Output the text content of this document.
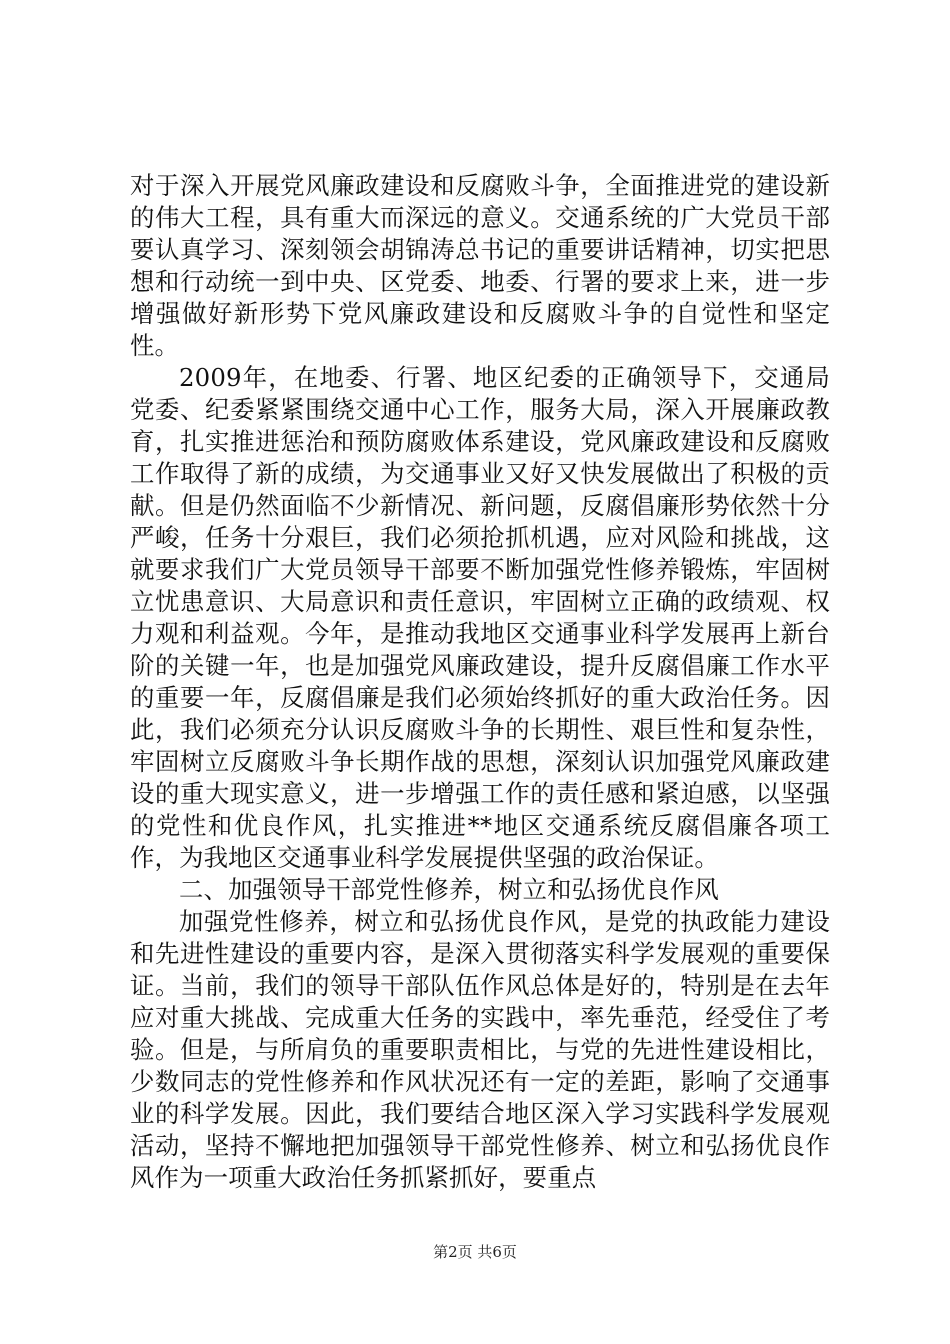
对于深入开展党风廉政建设和反腐败斗争，全面推进党的建设新的伟大工程，具有重大而深远的意义。交通系统的广大党员干部要认真学习、深刻领会胡锦涛总书记的重要讲话精神，切实把思想和行动统一到中央、区党委、地委、行署的要求上来，进一步增强做好新形势下党风廉政建设和反腐败斗争的自觉性和坚定性。

2009年，在地委、行署、地区纪委的正确领导下，交通局党委、纪委紧紧围绕交通中心工作，服务大局，深入开展廉政教育，扎实推进惩治和预防腐败体系建设，党风廉政建设和反腐败工作取得了新的成绩，为交通事业又好又快发展做出了积极的贡献。但是仍然面临不少新情况、新问题，反腐倡廉形势依然十分严峻，任务十分艰巨，我们必须抢抓机遇，应对风险和挑战，这就要求我们广大党员领导干部要不断加强党性修养锻炼，牢固树立忧患意识、大局意识和责任意识，牢固树立正确的政绩观、权力观和利益观。今年，是推动我地区交通事业科学发展再上新台阶的关键一年，也是加强党风廉政建设，提升反腐倡廉工作水平的重要一年，反腐倡廉是我们必须始终抓好的重大政治任务。因此，我们必须充分认识反腐败斗争的长期性、艰巨性和复杂性，牢固树立反腐败斗争长期作战的思想，深刻认识加强党风廉政建设的重大现实意义，进一步增强工作的责任感和紧迫感，以坚强的党性和优良作风，扎实推进**地区交通系统反腐倡廉各项工作，为我地区交通事业科学发展提供坚强的政治保证。

二、加强领导干部党性修养，树立和弘扬优良作风

加强党性修养，树立和弘扬优良作风，是党的执政能力建设和先进性建设的重要内容，是深入贯彻落实科学发展观的重要保证。当前，我们的领导干部队伍作风总体是好的，特别是在去年应对重大挑战、完成重大任务的实践中，率先垂范，经受住了考验。但是，与所肩负的重要职责相比，与党的先进性建设相比，少数同志的党性修养和作风状况还有一定的差距，影响了交通事业的科学发展。因此，我们要结合地区深入学习实践科学发展观活动，坚持不懈地把加强领导干部党性修养、树立和弘扬优良作风作为一项重大政治任务抓紧抓好，要重点

第2页 共6页
